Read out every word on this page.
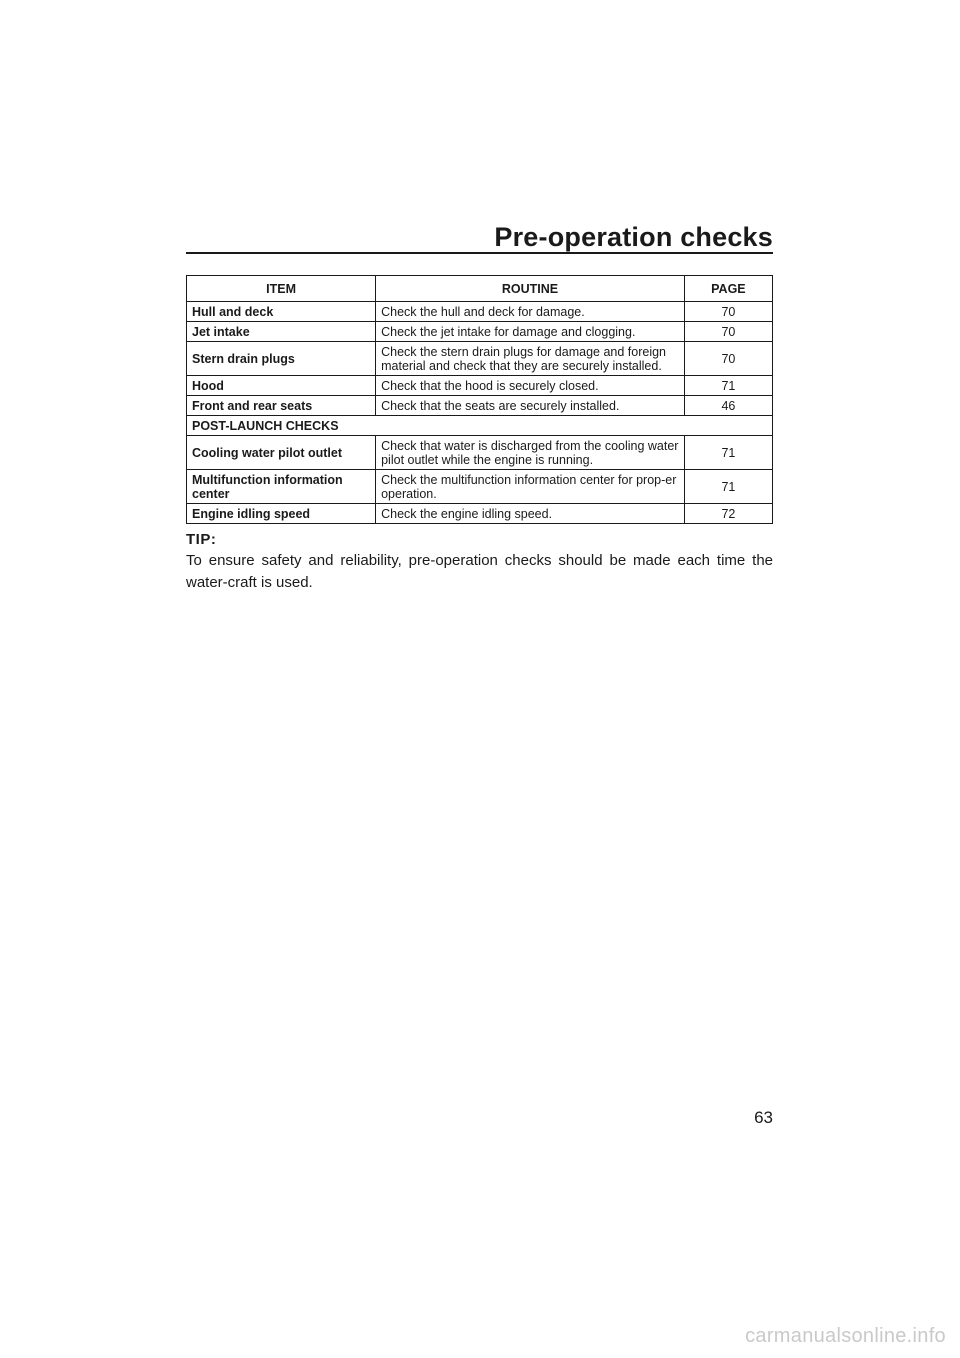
Pre-operation checks
ITEM	ROUTINE	PAGE
Hull and deck	Check the hull and deck for damage.	70
Jet intake	Check the jet intake for damage and clogging.	70
Stern drain plugs	Check the stern drain plugs for damage and foreign material and check that they are securely installed.	70
Hood	Check that the hood is securely closed.	71
Front and rear seats	Check that the seats are securely installed.	46
POST-LAUNCH CHECKS		
Cooling water pilot outlet	Check that water is discharged from the cooling water pilot outlet while the engine is running.	71
Multifunction information center	Check the multifunction information center for prop-er operation.	71
Engine idling speed	Check the engine idling speed.	72
TIP:
To ensure safety and reliability, pre-operation checks should be made each time the water-craft is used.
63
carmanualsonline.info
